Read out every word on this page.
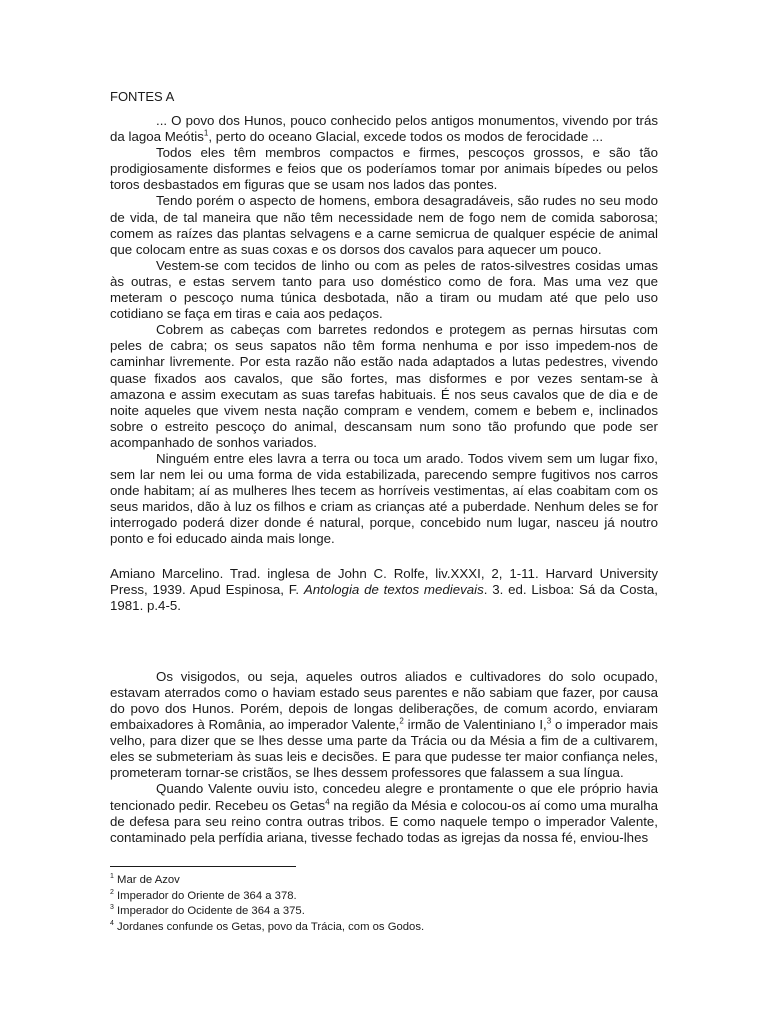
FONTES A

... O povo dos Hunos, pouco conhecido pelos antigos monumentos, vivendo por trás da lagoa Meótis$^1$, perto do oceano Glacial, excede todos os modos de ferocidade ...

Todos eles têm membros compactos e firmes, pescoços grossos, e são tão prodigiosamente disformes e feios que os poderíamos tomar por animais bípedes ou pelos toros desbastados em figuras que se usam nos lados das pontes.

Tendo porém o aspecto de homens, embora desagradáveis, são rudes no seu modo de vida, de tal maneira que não têm necessidade nem de fogo nem de comida saborosa; comem as raízes das plantas selvagens e a carne semicrua de qualquer espécie de animal que colocam entre as suas coxas e os dorsos dos cavalos para aquecer um pouco.

Vestem-se com tecidos de linho ou com as peles de ratos-silvestres cosidas umas às outras, e estas servem tanto para uso doméstico como de fora. Mas uma vez que meteram o pescoço numa túnica desbotada, não a tiram ou mudam até que pelo uso cotidiano se faça em tiras e caia aos pedaços.

Cobrem as cabeças com barretes redondos e protegem as pernas hirsutas com peles de cabra; os seus sapatos não têm forma nenhuma e por isso impedem-nos de caminhar livremente. Por esta razão não estão nada adaptados a lutas pedestres, vivendo quase fixados aos cavalos, que são fortes, mas disformes e por vezes sentam-se à amazona e assim executam as suas tarefas habituais. É nos seus cavalos que de dia e de noite aqueles que vivem nesta nação compram e vendem, comem e bebem e, inclinados sobre o estreito pescoço do animal, descansam num sono tão profundo que pode ser acompanhado de sonhos variados.

Ninguém entre eles lavra a terra ou toca um arado. Todos vivem sem um lugar fixo, sem lar nem lei ou uma forma de vida estabilizada, parecendo sempre fugitivos nos carros onde habitam; aí as mulheres lhes tecem as horríveis vestimentas, aí elas coabitam com os seus maridos, dão à luz os filhos e criam as crianças até a puberdade. Nenhum deles se for interrogado poderá dizer donde é natural, porque, concebido num lugar, nasceu já noutro ponto e foi educado ainda mais longe.

Amiano Marcelino. Trad. inglesa de John C. Rolfe, liv.XXXI, 2, 1-11. Harvard University Press, 1939. Apud Espinosa, F. Antologia de textos medievais. 3. ed. Lisboa: Sá da Costa, 1981. p.4-5.

Os visigodos, ou seja, aqueles outros aliados e cultivadores do solo ocupado, estavam aterrados como o haviam estado seus parentes e não sabiam que fazer, por causa do povo dos Hunos. Porém, depois de longas deliberações, de comum acordo, enviaram embaixadores à România, ao imperador Valente,$^2$ irmão de Valentiniano I,$^3$ o imperador mais velho, para dizer que se lhes desse uma parte da Trácia ou da Mésia a fim de a cultivarem, eles se submeteriam às suas leis e decisões. E para que pudesse ter maior confiança neles, prometeram tornar-se cristãos, se lhes dessem professores que falassem a sua língua.

Quando Valente ouviu isto, concedeu alegre e prontamente o que ele próprio havia tencionado pedir. Recebeu os Getas$^4$ na região da Mésia e colocou-os aí como uma muralha de defesa para seu reino contra outras tribos. E como naquele tempo o imperador Valente, contaminado pela perfídia ariana, tivesse fechado todas as igrejas da nossa fé, enviou-lhes

$^1$ Mar de Azov

$^2$ Imperador do Oriente de 364 a 378.

$^3$ Imperador do Ocidente de 364 a 375.

$^4$ Jordanes confunde os Getas, povo da Trácia, com os Godos.
